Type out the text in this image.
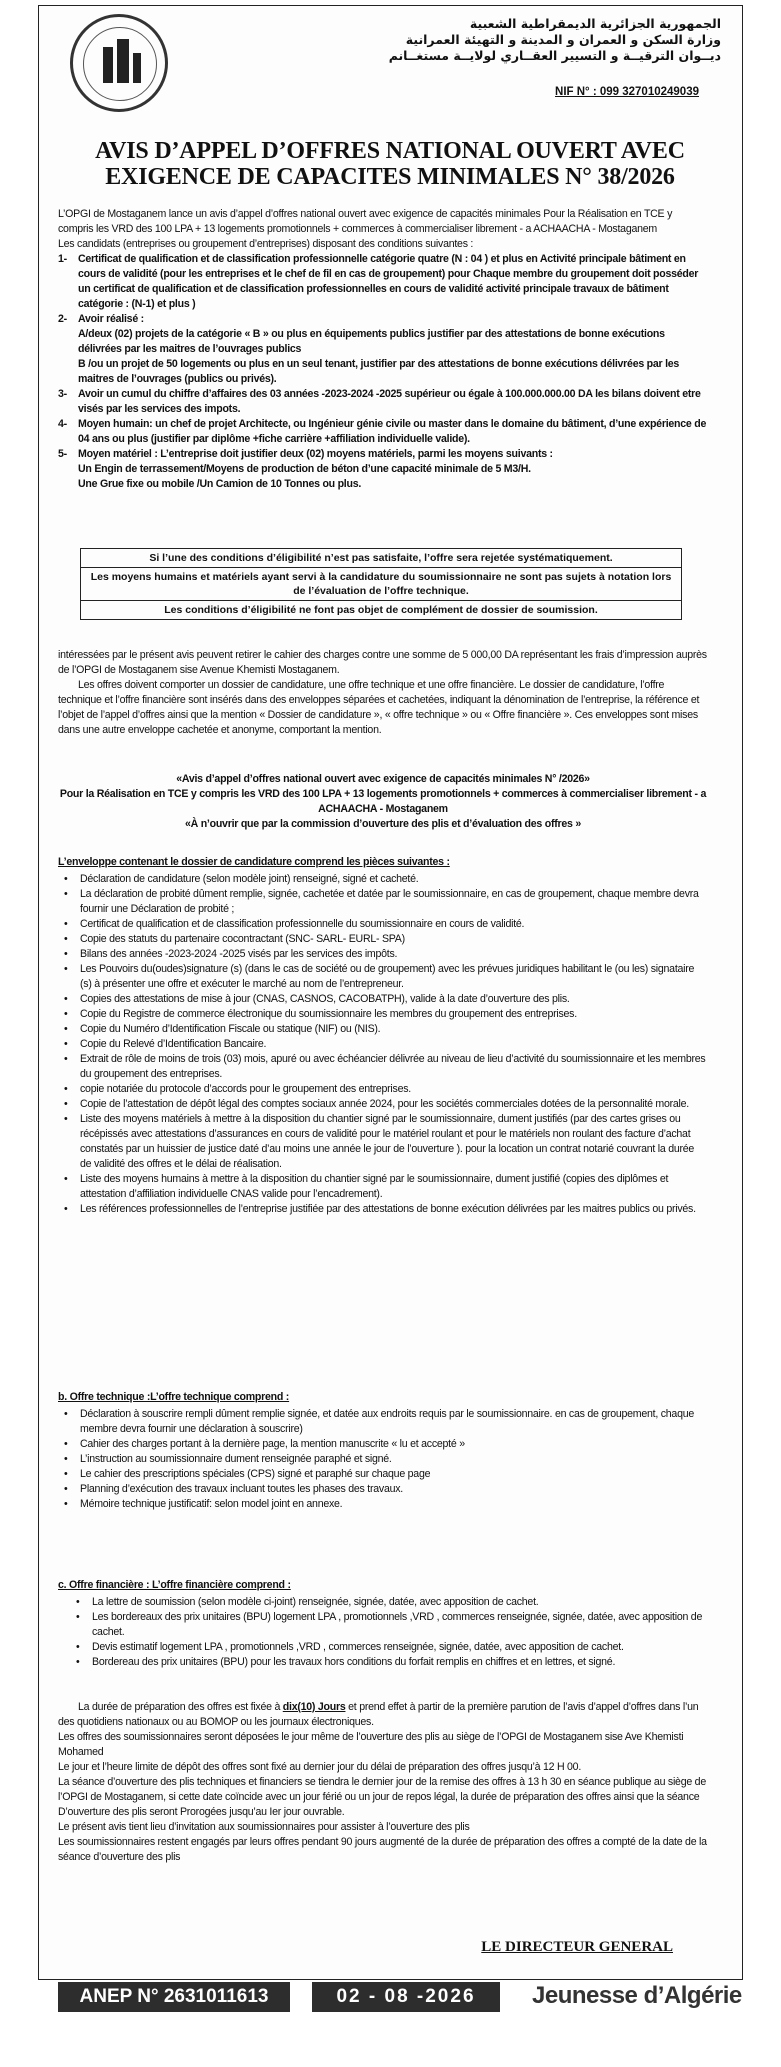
الجمهورية الجزائرية الديمقراطية الشعبية
وزارة السكن و العمران و المدينة و التهيئة العمرانية
ديــوان الترقيــة و التسيير العقــاري لولايــة مستغــانم
NIF N° : 099 327010249039
AVIS D’APPEL D’OFFRES NATIONAL OUVERT AVEC
EXIGENCE DE CAPACITES MINIMALES N° 38/2026
L’OPGI de Mostaganem lance un avis d’appel d’offres national ouvert avec exigence de capacités minimales Pour la Réalisation en TCE y compris les VRD des 100 LPA + 13 logements promotionnels + commerces à commercialiser librement - a ACHAACHA - Mostaganem
Les candidats (entreprises ou groupement d’entreprises) disposant des conditions suivantes :
1-	Certificat de qualification et de classification professionnelle catégorie quatre (N : 04 ) et plus en Activité principale bâtiment en cours de validité (pour les entreprises et le chef de fil en cas de groupement) pour Chaque membre du groupement doit posséder un certificat de qualification et de classification professionnelles en cours de validité activité principale travaux de bâtiment catégorie : (N-1) et plus )
2-	Avoir réalisé :
A/deux (02) projets de la catégorie « B » ou plus en équipements publics justifier par des attestations de bonne exécutions délivrées par les maitres de l’ouvrages publics
B /ou un projet de 50 logements ou plus en un seul tenant, justifier par des attestations de bonne exécutions délivrées par les maitres de l’ouvrages (publics ou privés).
3-	Avoir un cumul du chiffre d’affaires des 03 années -2023-2024 -2025 supérieur ou égale à 100.000.000.00 DA les bilans doivent etre visés par les services des impots.
4-	Moyen humain: un chef de projet Architecte, ou Ingénieur génie civile ou master dans le domaine du bâtiment, d’une expérience de 04 ans ou plus (justifier par diplôme +fiche carrière +affiliation individuelle valide).
5-	Moyen matériel : L’entreprise doit justifier deux (02) moyens matériels, parmi les moyens suivants :
Un Engin de terrassement/Moyens de production de béton d’une capacité minimale de 5 M3/H.
Une Grue fixe ou mobile /Un Camion de 10 Tonnes ou plus.
Si l’une des conditions d’éligibilité n’est pas satisfaite, l’offre sera rejetée systématiquement.
Les moyens humains et matériels ayant servi à la candidature du soumissionnaire ne sont pas sujets à notation lors de l’évaluation de l’offre technique.
Les conditions d’éligibilité ne font pas objet de complément de dossier de soumission.
intéressées par le présent avis peuvent retirer le cahier des charges contre une somme de 5 000,00 DA représentant les frais d’impression auprès de l’OPGI de Mostaganem sise Avenue Khemisti Mostaganem.
Les offres doivent comporter un dossier de candidature, une offre technique et une offre financière. Le dossier de candidature, l’offre technique et l’offre financière sont insérés dans des enveloppes séparées et cachetées, indiquant la dénomination de l’entreprise, la référence et l’objet de l’appel d’offres ainsi que la mention « Dossier de candidature », « offre technique » ou « Offre financière ». Ces enveloppes sont mises dans une autre enveloppe cachetée et anonyme, comportant la mention.
«Avis d’appel d’offres national ouvert avec exigence de capacités minimales N° /2026»
Pour la Réalisation en TCE y compris les VRD des 100 LPA + 13 logements promotionnels + commerces à commercialiser librement - a
ACHAACHA - Mostaganem
«À n’ouvrir que par la commission d’ouverture des plis et d’évaluation des offres »
L’enveloppe contenant le dossier de candidature comprend les pièces suivantes :
• Déclaration de candidature (selon modèle joint) renseigné, signé et cacheté.
• La déclaration de probité dûment remplie, signée, cachetée et datée par le soumissionnaire, en cas de groupement, chaque membre devra fournir une Déclaration de probité ;
• Certificat de qualification et de classification professionnelle du soumissionnaire en cours de validité.
• Copie des statuts du partenaire cocontractant (SNC- SARL- EURL- SPA)
• Bilans des années -2023-2024 -2025 visés par les services des impôts.
• Les Pouvoirs du(oudes)signature (s) (dans le cas de société ou de groupement) avec les prévues juridiques habilitant le (ou les) signataire (s) à présenter une offre et exécuter le marché au nom de l’entrepreneur.
• Copies des attestations de mise à jour (CNAS, CASNOS, CACOBATPH), valide à la date d’ouverture des plis.
• Copie du Registre de commerce électronique du soumissionnaire les membres du groupement des entreprises.
• Copie du Numéro d’Identification Fiscale ou statique (NIF) ou (NIS).
• Copie du Relevé d’Identification Bancaire.
• Extrait de rôle de moins de trois (03) mois, apuré ou avec échéancier délivrée au niveau de lieu d’activité du soumissionnaire et les membres du groupement des entreprises.
• copie notariée du protocole d’accords pour le groupement des entreprises.
• Copie de l’attestation de dépôt légal des comptes sociaux année 2024, pour les sociétés commerciales dotées de la personnalité morale.
• Liste des moyens matériels à mettre à la disposition du chantier signé par le soumissionnaire, dument justifiés (par des cartes grises ou récépissés avec attestations d’assurances en cours de validité pour le matériel roulant et pour le matériels non roulant des facture d’achat constatés par un huissier de justice daté d’au moins une année le jour de l’ouverture ). pour la location un contrat notarié couvrant la durée de validité des offres et le délai de réalisation.
• Liste des moyens humains à mettre à la disposition du chantier signé par le soumissionnaire, dument justifié (copies des diplômes et attestation d’affiliation individuelle CNAS valide pour l’encadrement).
• Les références professionnelles de l’entreprise justifiée par des attestations de bonne exécution délivrées par les maitres publics ou privés.
b. Offre technique :L’offre technique comprend :
• Déclaration à souscrire rempli dûment remplie signée, et datée aux endroits requis par le soumissionnaire. en cas de groupement, chaque membre devra fournir une déclaration à souscrire)
• Cahier des charges portant à la dernière page, la mention manuscrite « lu et accepté »
• L’instruction au soumissionnaire dument renseignée paraphé et signé.
• Le cahier des prescriptions spéciales (CPS) signé et paraphé sur chaque page
• Planning d’exécution des travaux incluant toutes les phases des travaux.
• Mémoire technique justificatif: selon model joint en annexe.
c. Offre financière : L’offre financière comprend :
• La lettre de soumission (selon modèle ci-joint) renseignée, signée, datée, avec apposition de cachet.
• Les bordereaux des prix unitaires (BPU) logement LPA , promotionnels ,VRD , commerces renseignée, signée, datée, avec apposition de cachet.
• Devis estimatif logement LPA , promotionnels ,VRD , commerces renseignée, signée, datée, avec apposition de cachet.
• Bordereau des prix unitaires (BPU) pour les travaux hors conditions du forfait remplis en chiffres et en lettres, et signé.
La durée de préparation des offres est fixée à dix(10) Jours et prend effet à partir de la première parution de l’avis d’appel d’offres dans l’un des quotidiens nationaux ou au BOMOP ou les journaux électroniques.
Les offres des soumissionnaires seront déposées le jour même de l’ouverture des plis au siège de l’OPGI de Mostaganem sise Ave Khemisti Mohamed
Le jour et l’heure limite de dépôt des offres sont fixé au dernier jour du délai de préparation des offres jusqu’à 12 H 00.
La séance d’ouverture des plis techniques et financiers se tiendra le dernier jour de la remise des offres à 13 h 30 en séance publique au siège de l’OPGI de Mostaganem, si cette date coïncide avec un jour férié ou un jour de repos légal, la durée de préparation des offres ainsi que la séance D’ouverture des plis seront Prorogées jusqu’au Ier jour ouvrable.
Le présent avis tient lieu d’invitation aux soumissionnaires pour assister à l’ouverture des plis
Les soumissionnaires restent engagés par leurs offres pendant 90 jours augmenté de la durée de préparation des offres a compté de la date de la séance d’ouverture des plis
LE DIRECTEUR GENERAL
ANEP N° 2631011613	02 - 08 -2026	Jeunesse d’Algérie
